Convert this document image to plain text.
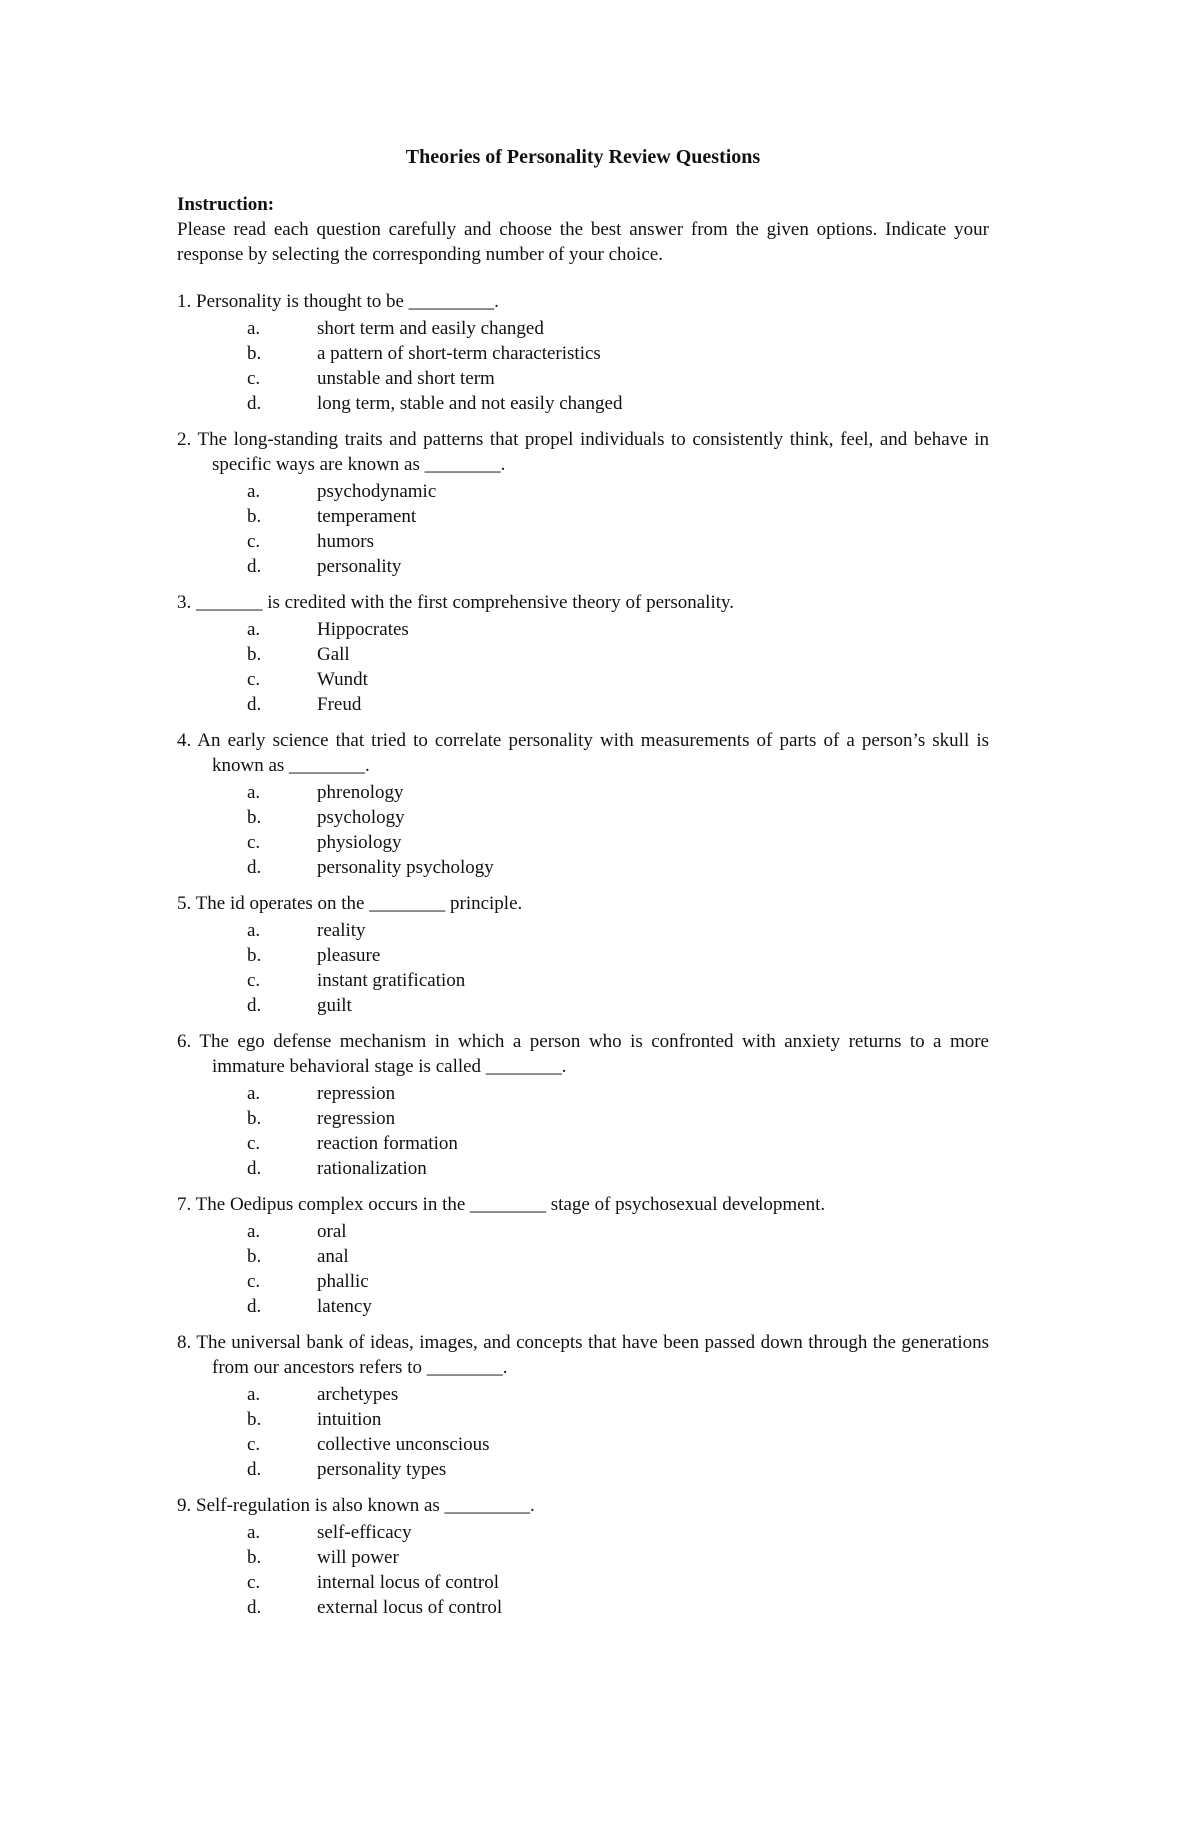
Theories of Personality Review Questions

Instruction:

Please read each question carefully and choose the best answer from the given options. Indicate your response by selecting the corresponding number of your choice.

1. Personality is thought to be _________.

a.	short term and easily changed
b.	a pattern of short-term characteristics
c.	unstable and short term
d.	long term, stable and not easily changed

2. The long-standing traits and patterns that propel individuals to consistently think, feel, and behave in specific ways are known as ________.

a.	psychodynamic
b.	temperament
c.	humors
d.	personality

3. _______ is credited with the first comprehensive theory of personality.

a.	Hippocrates
b.	Gall
c.	Wundt
d.	Freud

4. An early science that tried to correlate personality with measurements of parts of a person’s skull is known as ________.

a.	phrenology
b.	psychology
c.	physiology
d.	personality psychology

5. The id operates on the ________ principle.

a.	reality
b.	pleasure
c.	instant gratification
d.	guilt

6. The ego defense mechanism in which a person who is confronted with anxiety returns to a more immature behavioral stage is called ________.

a.	repression
b.	regression
c.	reaction formation
d.	rationalization

7. The Oedipus complex occurs in the ________ stage of psychosexual development.

a.	oral
b.	anal
c.	phallic
d.	latency

8. The universal bank of ideas, images, and concepts that have been passed down through the generations from our ancestors refers to ________.

a.	archetypes
b.	intuition
c.	collective unconscious
d.	personality types

9. Self-regulation is also known as _________.

a.	self-efficacy
b.	will power
c.	internal locus of control
d.	external locus of control
